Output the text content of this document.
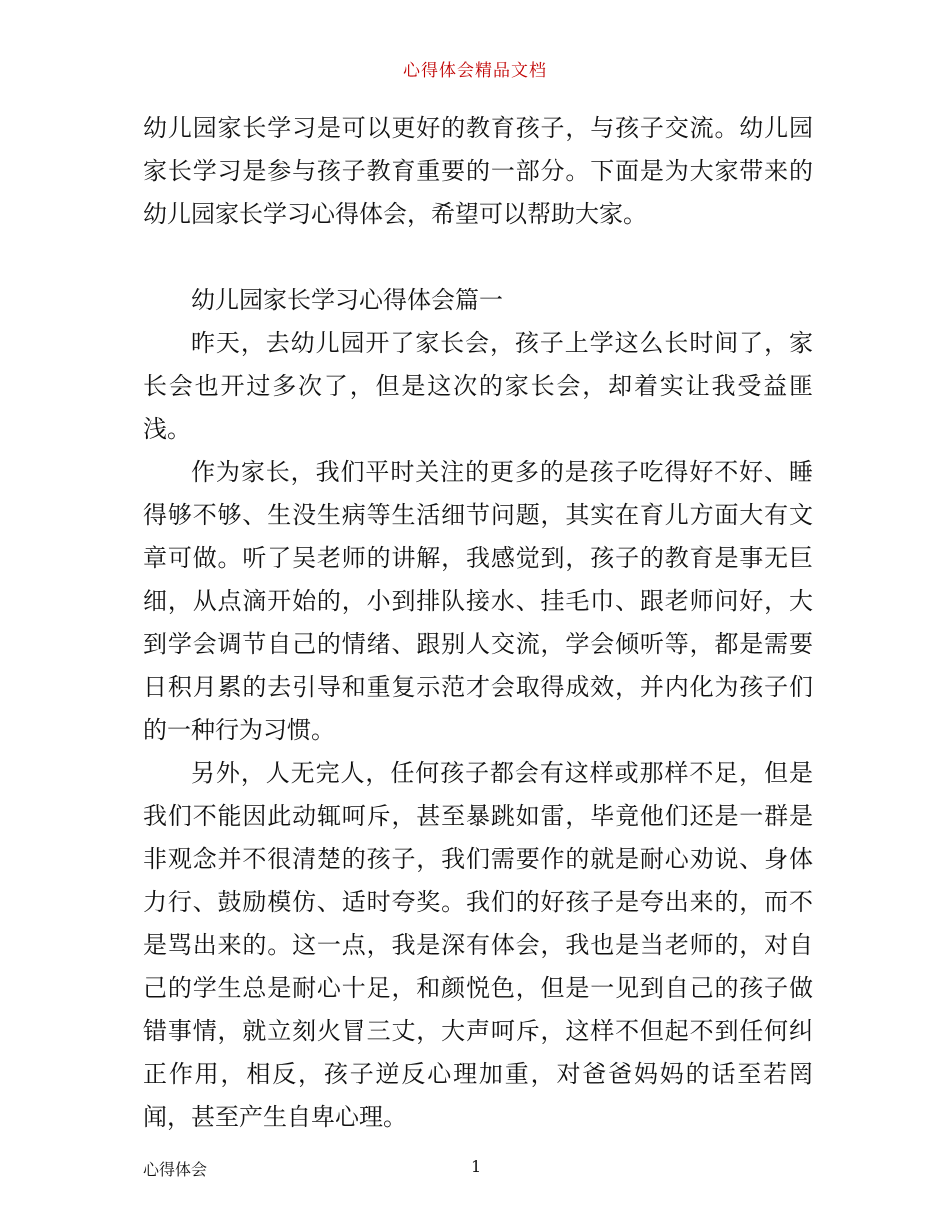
心得体会精品文档

幼儿园家长学习是可以更好的教育孩子，与孩子交流。幼儿园家长学习是参与孩子教育重要的一部分。下面是为大家带来的幼儿园家长学习心得体会，希望可以帮助大家。

幼儿园家长学习心得体会篇一

昨天，去幼儿园开了家长会，孩子上学这么长时间了，家长会也开过多次了，但是这次的家长会，却着实让我受益匪浅。

作为家长，我们平时关注的更多的是孩子吃得好不好、睡得够不够、生没生病等生活细节问题，其实在育儿方面大有文章可做。听了吴老师的讲解，我感觉到，孩子的教育是事无巨细，从点滴开始的，小到排队接水、挂毛巾、跟老师问好，大到学会调节自己的情绪、跟别人交流，学会倾听等，都是需要日积月累的去引导和重复示范才会取得成效，并内化为孩子们的一种行为习惯。

另外，人无完人，任何孩子都会有这样或那样不足，但是我们不能因此动辄呵斥，甚至暴跳如雷，毕竟他们还是一群是非观念并不很清楚的孩子，我们需要作的就是耐心劝说、身体力行、鼓励模仿、适时夸奖。我们的好孩子是夸出来的，而不是骂出来的。这一点，我是深有体会，我也是当老师的，对自己的学生总是耐心十足，和颜悦色，但是一见到自己的孩子做错事情，就立刻火冒三丈，大声呵斥，这样不但起不到任何纠正作用，相反，孩子逆反心理加重，对爸爸妈妈的话至若罔闻，甚至产生自卑心理。

心得体会	1
